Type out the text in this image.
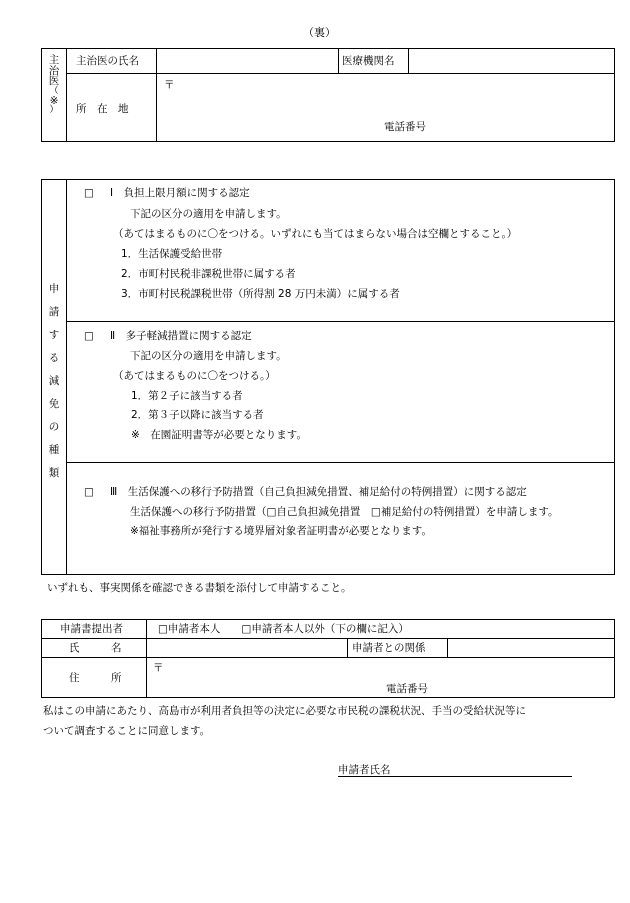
（裏）
主
治
医
（
※
）
主治医の氏名	医療機関名
所　在　地
〒
電話番号
申
請
す
る
減
免
の
種
類
□ Ⅰ　負担上限月額に関する認定
下記の区分の適用を申請します。
（あてはまるものに〇をつける。いずれにも当てはまらない場合は空欄とすること。）
1．生活保護受給世帯
2．市町村民税非課税世帯に属する者
3．市町村民税課税世帯（所得割 28 万円未満）に属する者
□ Ⅱ　多子軽減措置に関する認定
下記の区分の適用を申請します。
（あてはまるものに〇をつける。）
1．第２子に該当する者
2．第３子以降に該当する者
※　在園証明書等が必要となります。
□ Ⅲ　生活保護への移行予防措置（自己負担減免措置、補足給付の特例措置）に関する認定
生活保護への移行予防措置（□自己負担減免措置　□補足給付の特例措置）を申請します。
※福祉事務所が発行する境界層対象者証明書が必要となります。
いずれも、事実関係を確認できる書類を添付して申請すること。
申請書提出者	□申請者本人　　□申請者本人以外（下の欄に記入）
氏　　　名	申請者との関係
住　　　所
〒
電話番号
私はこの申請にあたり、高島市が利用者負担等の決定に必要な市民税の課税状況、手当の受給状況等に
ついて調査することに同意します。
申請者氏名
